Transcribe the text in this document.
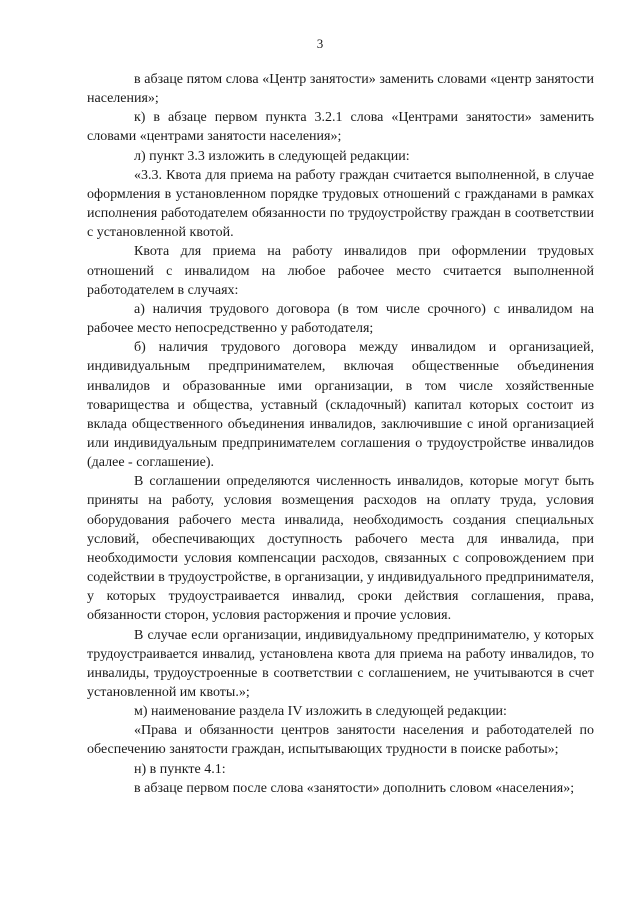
3

в абзаце пятом слова «Центр занятости» заменить словами «центр занятости населения»;

к) в абзаце первом пункта 3.2.1 слова «Центрами занятости» заменить словами «центрами занятости населения»;

л) пункт 3.3 изложить в следующей редакции:

«3.3. Квота для приема на работу граждан считается выполненной, в случае оформления в установленном порядке трудовых отношений с гражданами в рамках исполнения работодателем обязанности по трудоустройству граждан в соответствии с установленной квотой.

Квота для приема на работу инвалидов при оформлении трудовых отношений с инвалидом на любое рабочее место считается выполненной работодателем в случаях:

а) наличия трудового договора (в том числе срочного) с инвалидом на рабочее место непосредственно у работодателя;

б) наличия трудового договора между инвалидом и организацией, индивидуальным предпринимателем, включая общественные объединения инвалидов и образованные ими организации, в том числе хозяйственные товарищества и общества, уставный (складочный) капитал которых состоит из вклада общественного объединения инвалидов, заключившие с иной организацией или индивидуальным предпринимателем соглашения о трудоустройстве инвалидов (далее - соглашение).

В соглашении определяются численность инвалидов, которые могут быть приняты на работу, условия возмещения расходов на оплату труда, условия оборудования рабочего места инвалида, необходимость создания специальных условий, обеспечивающих доступность рабочего места для инвалида, при необходимости условия компенсации расходов, связанных с сопровождением при содействии в трудоустройстве, в организации, у индивидуального предпринимателя, у которых трудоустраивается инвалид, сроки действия соглашения, права, обязанности сторон, условия расторжения и прочие условия.

В случае если организации, индивидуальному предпринимателю, у которых трудоустраивается инвалид, установлена квота для приема на работу инвалидов, то инвалиды, трудоустроенные в соответствии с соглашением, не учитываются в счет установленной им квоты.»;

м) наименование раздела IV изложить в следующей редакции:

«Права и обязанности центров занятости населения и работодателей по обеспечению занятости граждан, испытывающих трудности в поиске работы»;

н) в пункте 4.1:

в абзаце первом после слова «занятости» дополнить словом «населения»;
